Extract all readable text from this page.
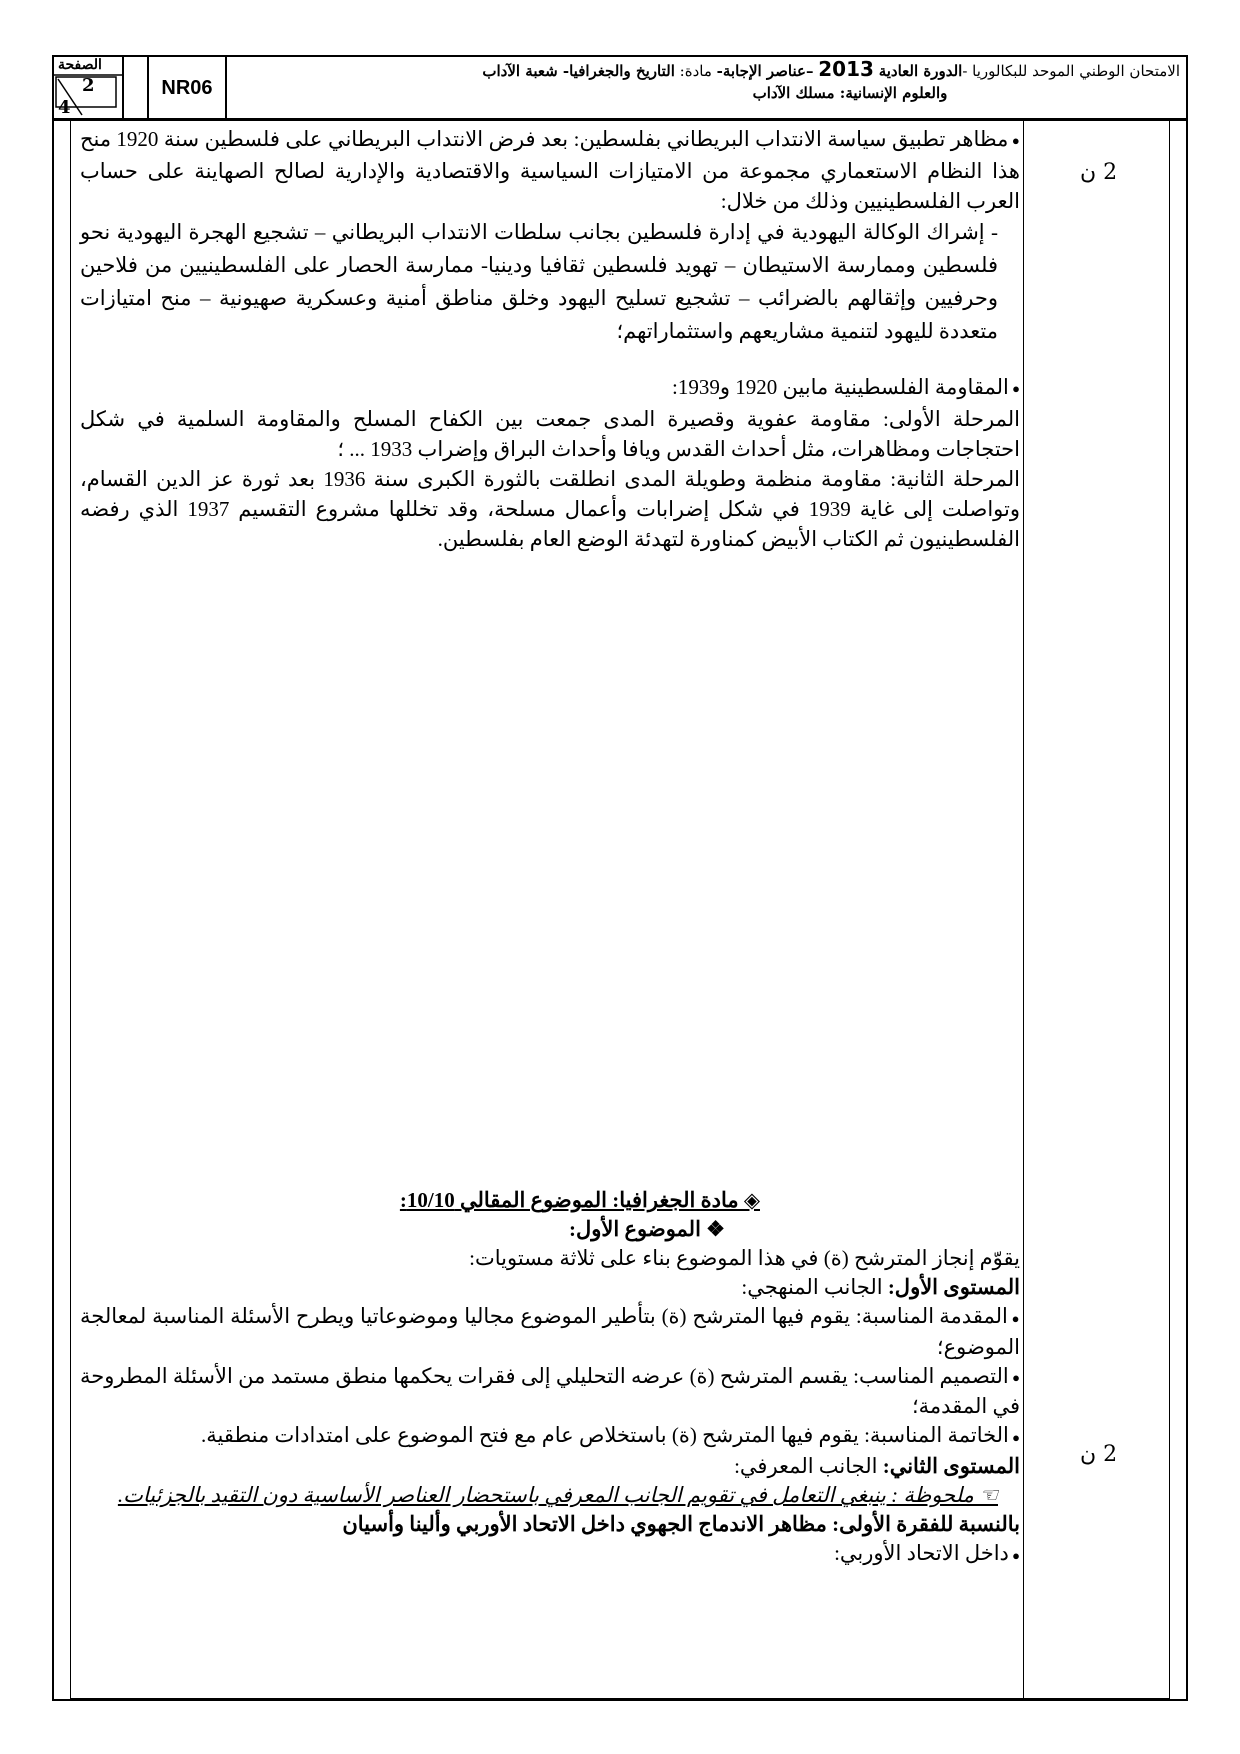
الصفحة
2
4
NR06
الامتحان الوطني الموحد للبكالوريا -الدورة العادية 2013 –عناصر الإجابة- مادة: التاريخ والجغرافيا- شعبة الآداب
والعلوم الإنسانية: مسلك الآداب
2 ن

● مظاهر تطبيق سياسة الانتداب البريطاني بفلسطين: بعد فرض الانتداب البريطاني على فلسطين سنة 1920 منح هذا النظام الاستعماري مجموعة من الامتيازات السياسية والاقتصادية والإدارية لصالح الصهاينة على حساب العرب الفلسطينيين وذلك من خلال:

- إشراك الوكالة اليهودية في إدارة فلسطين بجانب سلطات الانتداب البريطاني – تشجيع الهجرة اليهودية نحو فلسطين وممارسة الاستيطان – تهويد فلسطين ثقافيا ودينيا- ممارسة الحصار على الفلسطينيين من فلاحين وحرفيين وإثقالهم بالضرائب – تشجيع تسليح اليهود وخلق مناطق أمنية وعسكرية صهيونية – منح امتيازات متعددة لليهود لتنمية مشاريعهم واستثماراتهم؛

● المقاومة الفلسطينية مابين 1920 و1939:

المرحلة الأولى: مقاومة عفوية وقصيرة المدى جمعت بين الكفاح المسلح والمقاومة السلمية في شكل احتجاجات ومظاهرات، مثل أحداث القدس ويافا وأحداث البراق وإضراب 1933 ... ؛

المرحلة الثانية: مقاومة منظمة وطويلة المدى انطلقت بالثورة الكبرى سنة 1936 بعد ثورة عز الدين القسام، وتواصلت إلى غاية 1939 في شكل إضرابات وأعمال مسلحة، وقد تخللها مشروع التقسيم 1937 الذي رفضه الفلسطينيون ثم الكتاب الأبيض كمناورة لتهدئة الوضع العام بفلسطين.

2 ن

◈ مادة الجغرافيا: الموضوع المقالي 10/10:

❖ الموضوع الأول:

يقوّم إنجاز المترشح (ة) في هذا الموضوع بناء على ثلاثة مستويات:

المستوى الأول: الجانب المنهجي:

● المقدمة المناسبة: يقوم فيها المترشح (ة) بتأطير الموضوع مجاليا وموضوعاتيا ويطرح الأسئلة المناسبة لمعالجة الموضوع؛

● التصميم المناسب: يقسم المترشح (ة) عرضه التحليلي إلى فقرات يحكمها منطق مستمد من الأسئلة المطروحة في المقدمة؛

● الخاتمة المناسبة: يقوم فيها المترشح (ة) باستخلاص عام مع فتح الموضوع على امتدادات منطقية.

المستوى الثاني: الجانب المعرفي:

☜ ملحوظة : ينبغي التعامل في تقويم الجانب المعرفي باستحضار العناصر الأساسية دون التقيد بالجزئيات.

بالنسبة للفقرة الأولى: مظاهر الاندماج الجهوي داخل الاتحاد الأوربي وألينا وأسيان

● داخل الاتحاد الأوربي:
